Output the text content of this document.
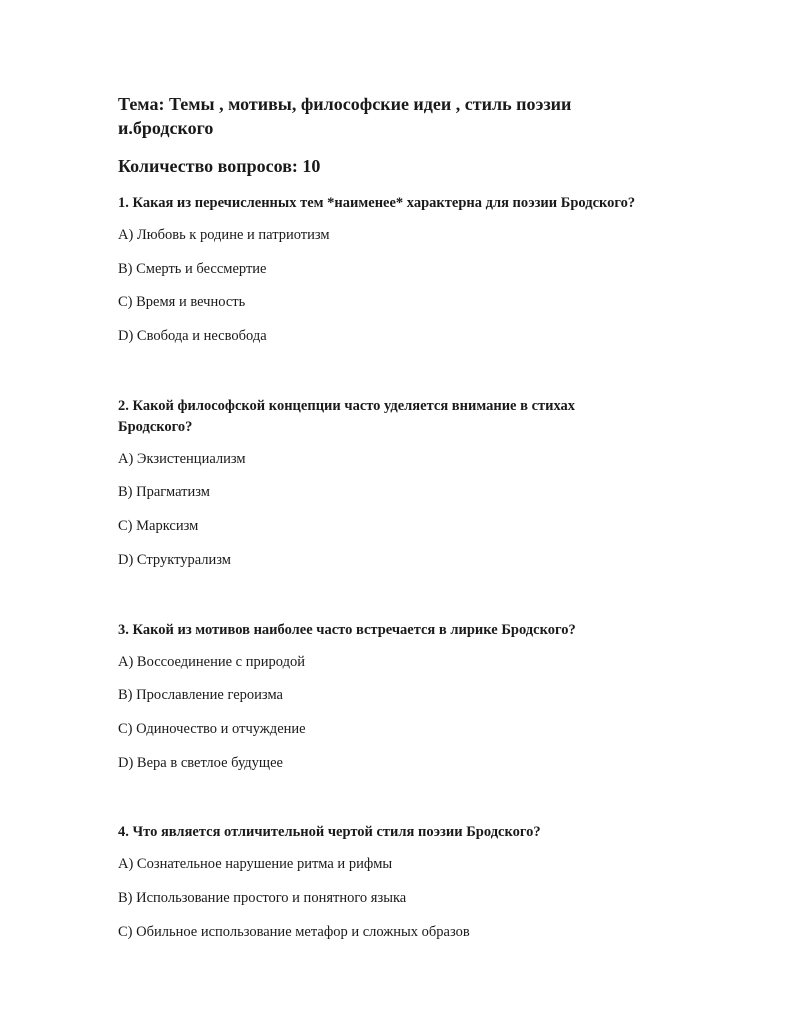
Тема: Темы , мотивы, философские идеи , стиль поэзии
и.бродского
Количество вопросов: 10
1. Какая из перечисленных тем *наименее* характерна для поэзии Бродского?
A) Любовь к родине и патриотизм
B) Смерть и бессмертие
C) Время и вечность
D) Свобода и несвобода
2. Какой философской концепции часто уделяется внимание в стихах
Бродского?
A) Экзистенциализм
B) Прагматизм
C) Марксизм
D) Структурализм
3. Какой из мотивов наиболее часто встречается в лирике Бродского?
A) Воссоединение с природой
B) Прославление героизма
C) Одиночество и отчуждение
D) Вера в светлое будущее
4. Что является отличительной чертой стиля поэзии Бродского?
A) Сознательное нарушение ритма и рифмы
B) Использование простого и понятного языка
C) Обильное использование метафор и сложных образов
